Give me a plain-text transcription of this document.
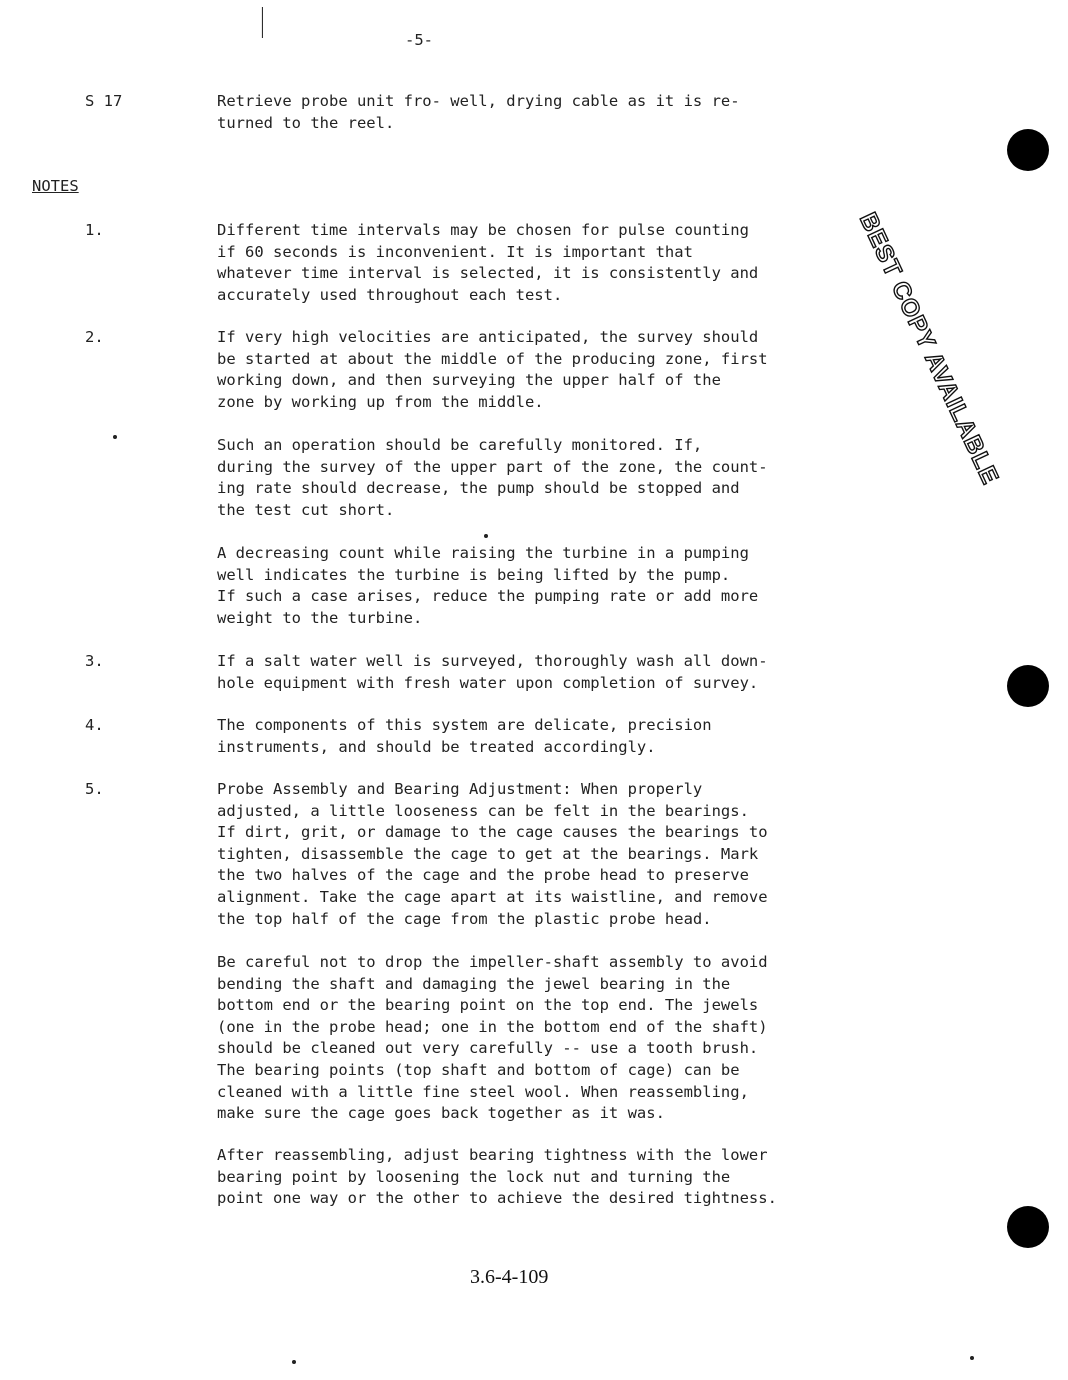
|
-5-
S 17	Retrieve probe unit fro- well, drying cable as it is re-
turned to the reel.

NOTES
1.	Different time intervals may be chosen for pulse counting
if 60 seconds is inconvenient. It is important that
whatever time interval is selected, it is consistently and
accurately used throughout each test.

2.	If very high velocities are anticipated, the survey should
be started at about the middle of the producing zone, first
working down, and then surveying the upper half of the
zone by working up from the middle.

Such an operation should be carefully monitored. If,
during the survey of the upper part of the zone, the count-
ing rate should decrease, the pump should be stopped and
the test cut short.

A decreasing count while raising the turbine in a pumping
well indicates the turbine is being lifted by the pump.
If such a case arises, reduce the pumping rate or add more
weight to the turbine.

3.	If a salt water well is surveyed, thoroughly wash all down-
hole equipment with fresh water upon completion of survey.

4.	The components of this system are delicate, precision
instruments, and should be treated accordingly.

5.	Probe Assembly and Bearing Adjustment: When properly
adjusted, a little looseness can be felt in the bearings.
If dirt, grit, or damage to the cage causes the bearings to
tighten, disassemble the cage to get at the bearings. Mark
the two halves of the cage and the probe head to preserve
alignment. Take the cage apart at its waistline, and remove
the top half of the cage from the plastic probe head.

Be careful not to drop the impeller-shaft assembly to avoid
bending the shaft and damaging the jewel bearing in the
bottom end or the bearing point on the top end. The jewels
(one in the probe head; one in the bottom end of the shaft)
should be cleaned out very carefully -- use a tooth brush.
The bearing points (top shaft and bottom of cage) can be
cleaned with a little fine steel wool. When reassembling,
make sure the cage goes back together as it was.

After reassembling, adjust bearing tightness with the lower
bearing point by loosening the lock nut and turning the
point one way or the other to achieve the desired tightness.

BEST COPY AVAILABLE
3.6-4-109
